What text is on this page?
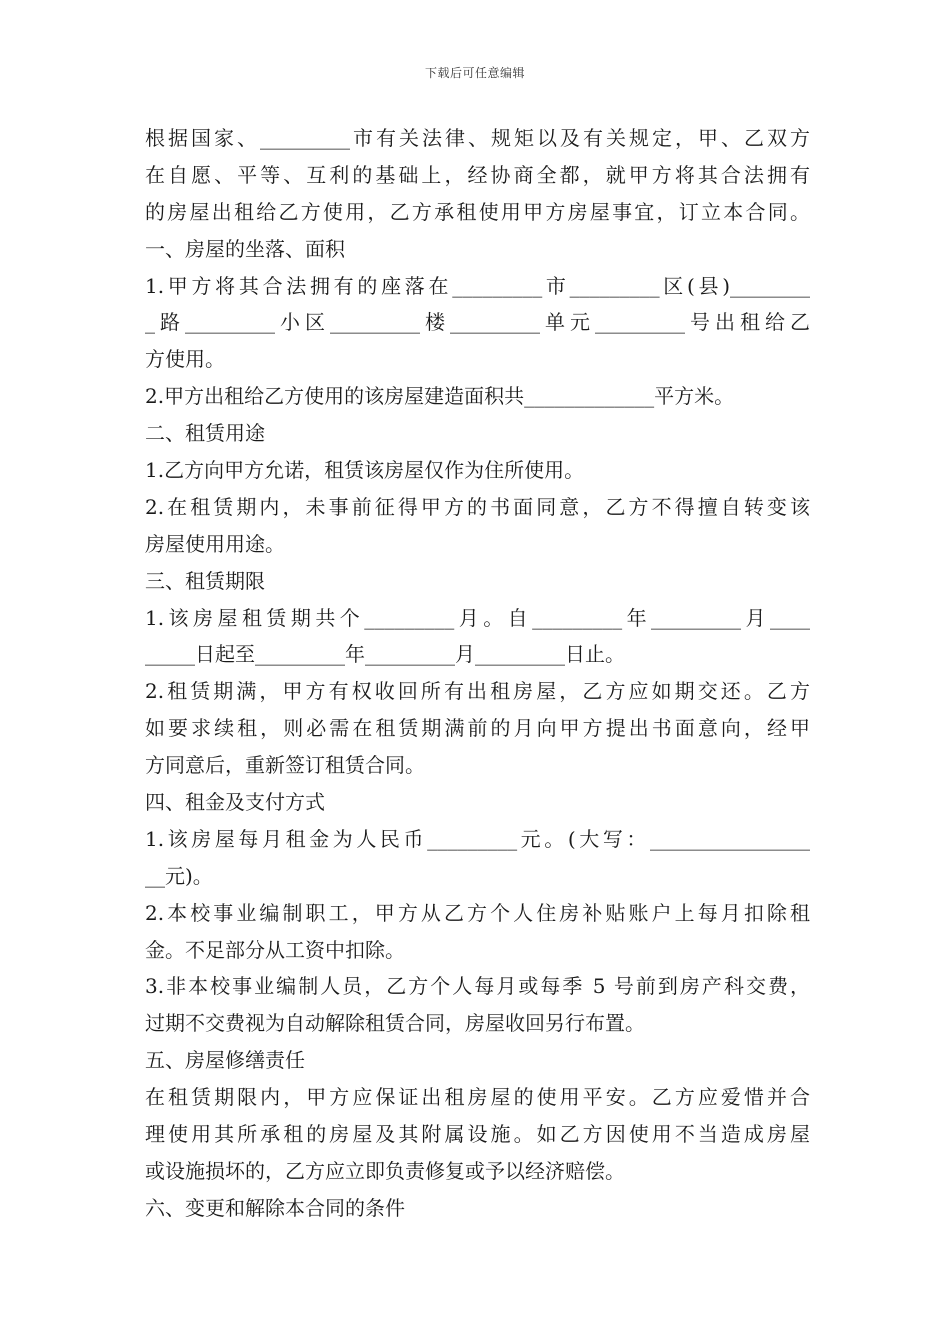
下载后可任意编辑
根据国家、_________市有关法律、规矩以及有关规定，甲、乙双方
在自愿、平等、互利的基础上，经协商全都，就甲方将其合法拥有
的房屋出租给乙方使用，乙方承租使用甲方房屋事宜，订立本合同。
一、房屋的坐落、面积
1.甲方将其合法拥有的座落在_________市_________区(县)________
_路_________小区_________楼_________单元_________号出租给乙
方使用。
2.甲方出租给乙方使用的该房屋建造面积共_____________平方米。
二、租赁用途
1.乙方向甲方允诺，租赁该房屋仅作为住所使用。
2.在租赁期内，未事前征得甲方的书面同意，乙方不得擅自转变该
房屋使用用途。
三、租赁期限
1.该房屋租赁期共个_________月。自_________年_________月____
_____日起至_________年_________月_________日止。
2.租赁期满，甲方有权收回所有出租房屋，乙方应如期交还。乙方
如要求续租，则必需在租赁期满前的月向甲方提出书面意向，经甲
方同意后，重新签订租赁合同。
四、租金及支付方式
1.该房屋每月租金为人民币_________元。(大写：________________
__元)。
2.本校事业编制职工，甲方从乙方个人住房补贴账户上每月扣除租
金。不足部分从工资中扣除。
3.非本校事业编制人员，乙方个人每月或每季 5 号前到房产科交费，
过期不交费视为自动解除租赁合同，房屋收回另行布置。
五、房屋修缮责任
在租赁期限内，甲方应保证出租房屋的使用平安。乙方应爱惜并合
理使用其所承租的房屋及其附属设施。如乙方因使用不当造成房屋
或设施损坏的，乙方应立即负责修复或予以经济赔偿。
六、变更和解除本合同的条件
